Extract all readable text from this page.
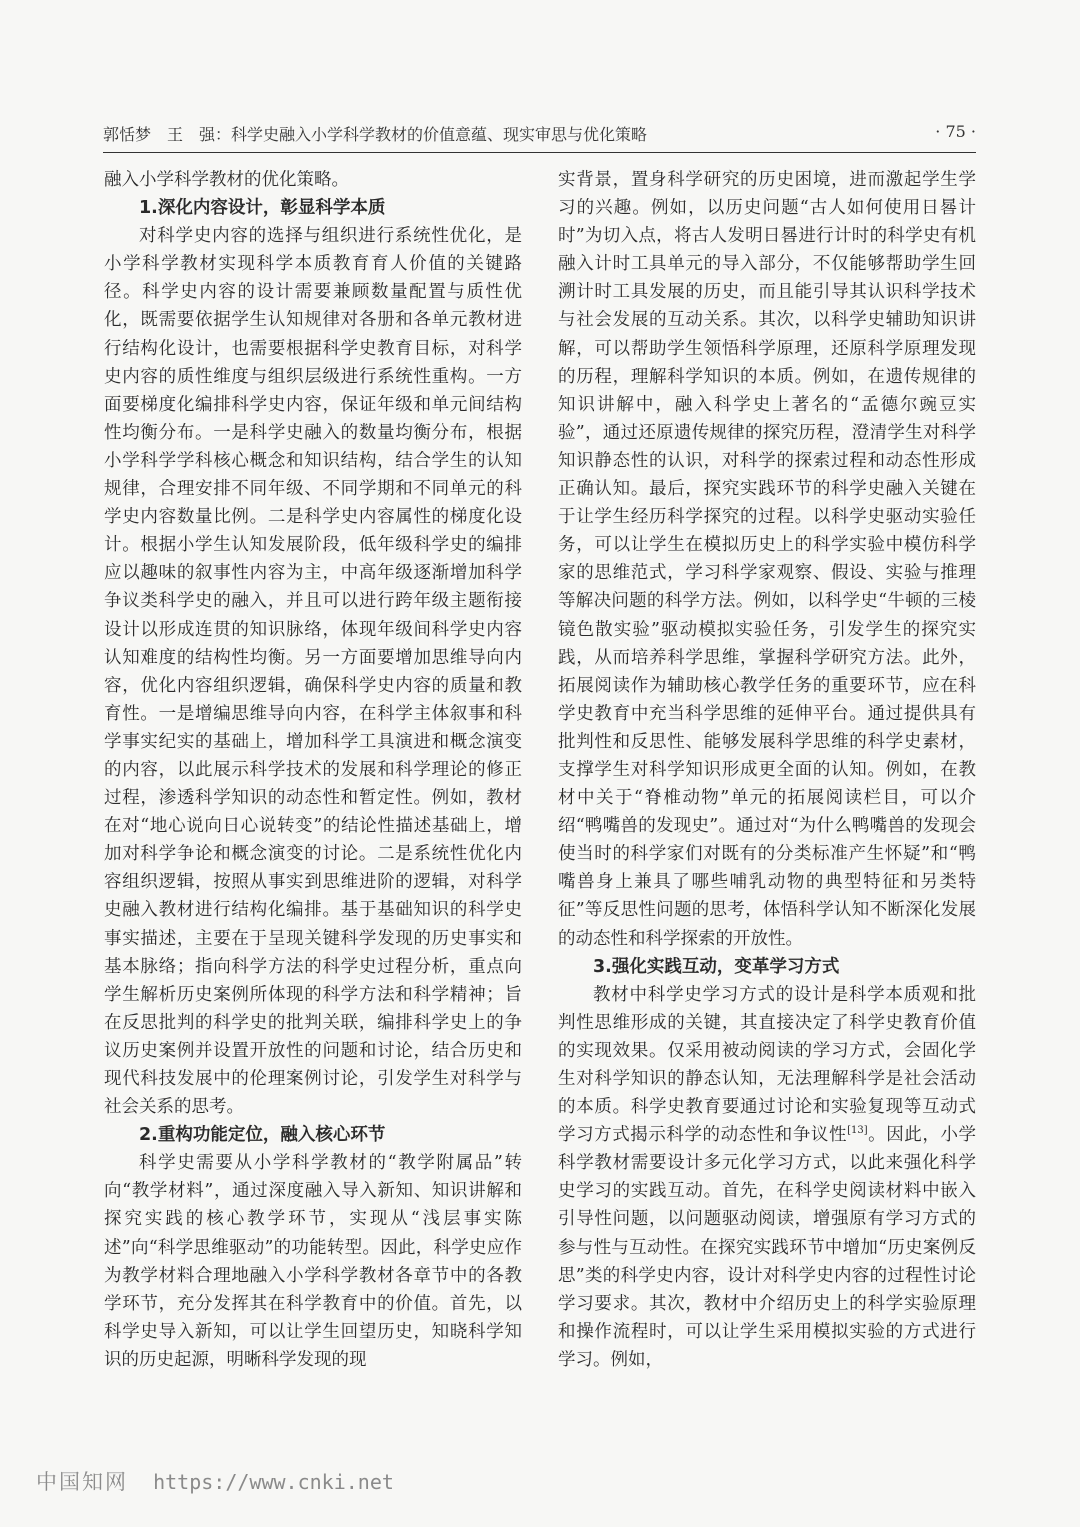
郭恬梦　王　强：科学史融入小学科学教材的价值意蕴、现实审思与优化策略	· 75 ·

融入小学科学教材的优化策略。

1.深化内容设计，彰显科学本质

对科学史内容的选择与组织进行系统性优化，是小学科学教材实现科学本质教育育人价值的关键路径。科学史内容的设计需要兼顾数量配置与质性优化，既需要依据学生认知规律对各册和各单元教材进行结构化设计，也需要根据科学史教育目标，对科学史内容的质性维度与组织层级进行系统性重构。一方面要梯度化编排科学史内容，保证年级和单元间结构性均衡分布。一是科学史融入的数量均衡分布，根据小学科学学科核心概念和知识结构，结合学生的认知规律，合理安排不同年级、不同学期和不同单元的科学史内容数量比例。二是科学史内容属性的梯度化设计。根据小学生认知发展阶段，低年级科学史的编排应以趣味的叙事性内容为主，中高年级逐渐增加科学争议类科学史的融入，并且可以进行跨年级主题衔接设计以形成连贯的知识脉络，体现年级间科学史内容认知难度的结构性均衡。另一方面要增加思维导向内容，优化内容组织逻辑，确保科学史内容的质量和教育性。一是增编思维导向内容，在科学主体叙事和科学事实纪实的基础上，增加科学工具演进和概念演变的内容，以此展示科学技术的发展和科学理论的修正过程，渗透科学知识的动态性和暂定性。例如，教材在对“地心说向日心说转变”的结论性描述基础上，增加对科学争论和概念演变的讨论。二是系统性优化内容组织逻辑，按照从事实到思维进阶的逻辑，对科学史融入教材进行结构化编排。基于基础知识的科学史事实描述，主要在于呈现关键科学发现的历史事实和基本脉络；指向科学方法的科学史过程分析，重点向学生解析历史案例所体现的科学方法和科学精神；旨在反思批判的科学史的批判关联，编排科学史上的争议历史案例并设置开放性的问题和讨论，结合历史和现代科技发展中的伦理案例讨论，引发学生对科学与社会关系的思考。

2.重构功能定位，融入核心环节

科学史需要从小学科学教材的“教学附属品”转向“教学材料”，通过深度融入导入新知、知识讲解和探究实践的核心教学环节，实现从“浅层事实陈述”向“科学思维驱动”的功能转型。因此，科学史应作为教学材料合理地融入小学科学教材各章节中的各教学环节，充分发挥其在科学教育中的价值。首先，以科学史导入新知，可以让学生回望历史，知晓科学知识的历史起源，明晰科学发现的现

实背景，置身科学研究的历史困境，进而激起学生学习的兴趣。例如，以历史问题“古人如何使用日晷计时”为切入点，将古人发明日晷进行计时的科学史有机融入计时工具单元的导入部分，不仅能够帮助学生回溯计时工具发展的历史，而且能引导其认识科学技术与社会发展的互动关系。其次，以科学史辅助知识讲解，可以帮助学生领悟科学原理，还原科学原理发现的历程，理解科学知识的本质。例如，在遗传规律的知识讲解中，融入科学史上著名的“孟德尔豌豆实验”，通过还原遗传规律的探究历程，澄清学生对科学知识静态性的认识，对科学的探索过程和动态性形成正确认知。最后，探究实践环节的科学史融入关键在于让学生经历科学探究的过程。以科学史驱动实验任务，可以让学生在模拟历史上的科学实验中模仿科学家的思维范式，学习科学家观察、假设、实验与推理等解决问题的科学方法。例如，以科学史“牛顿的三棱镜色散实验”驱动模拟实验任务，引发学生的探究实践，从而培养科学思维，掌握科学研究方法。此外，拓展阅读作为辅助核心教学任务的重要环节，应在科学史教育中充当科学思维的延伸平台。通过提供具有批判性和反思性、能够发展科学思维的科学史素材，支撑学生对科学知识形成更全面的认知。例如，在教材中关于“脊椎动物”单元的拓展阅读栏目，可以介绍“鸭嘴兽的发现史”。通过对“为什么鸭嘴兽的发现会使当时的科学家们对既有的分类标准产生怀疑”和“鸭嘴兽身上兼具了哪些哺乳动物的典型特征和另类特征”等反思性问题的思考，体悟科学认知不断深化发展的动态性和科学探索的开放性。

3.强化实践互动，变革学习方式

教材中科学史学习方式的设计是科学本质观和批判性思维形成的关键，其直接决定了科学史教育价值的实现效果。仅采用被动阅读的学习方式，会固化学生对科学知识的静态认知，无法理解科学是社会活动的本质。科学史教育要通过讨论和实验复现等互动式学习方式揭示科学的动态性和争议性[13]。因此，小学科学教材需要设计多元化学习方式，以此来强化科学史学习的实践互动。首先，在科学史阅读材料中嵌入引导性问题，以问题驱动阅读，增强原有学习方式的参与性与互动性。在探究实践环节中增加“历史案例反思”类的科学史内容，设计对科学史内容的过程性讨论学习要求。其次，教材中介绍历史上的科学实验原理和操作流程时，可以让学生采用模拟实验的方式进行学习。例如，

中国知网 https://www.cnki.net
